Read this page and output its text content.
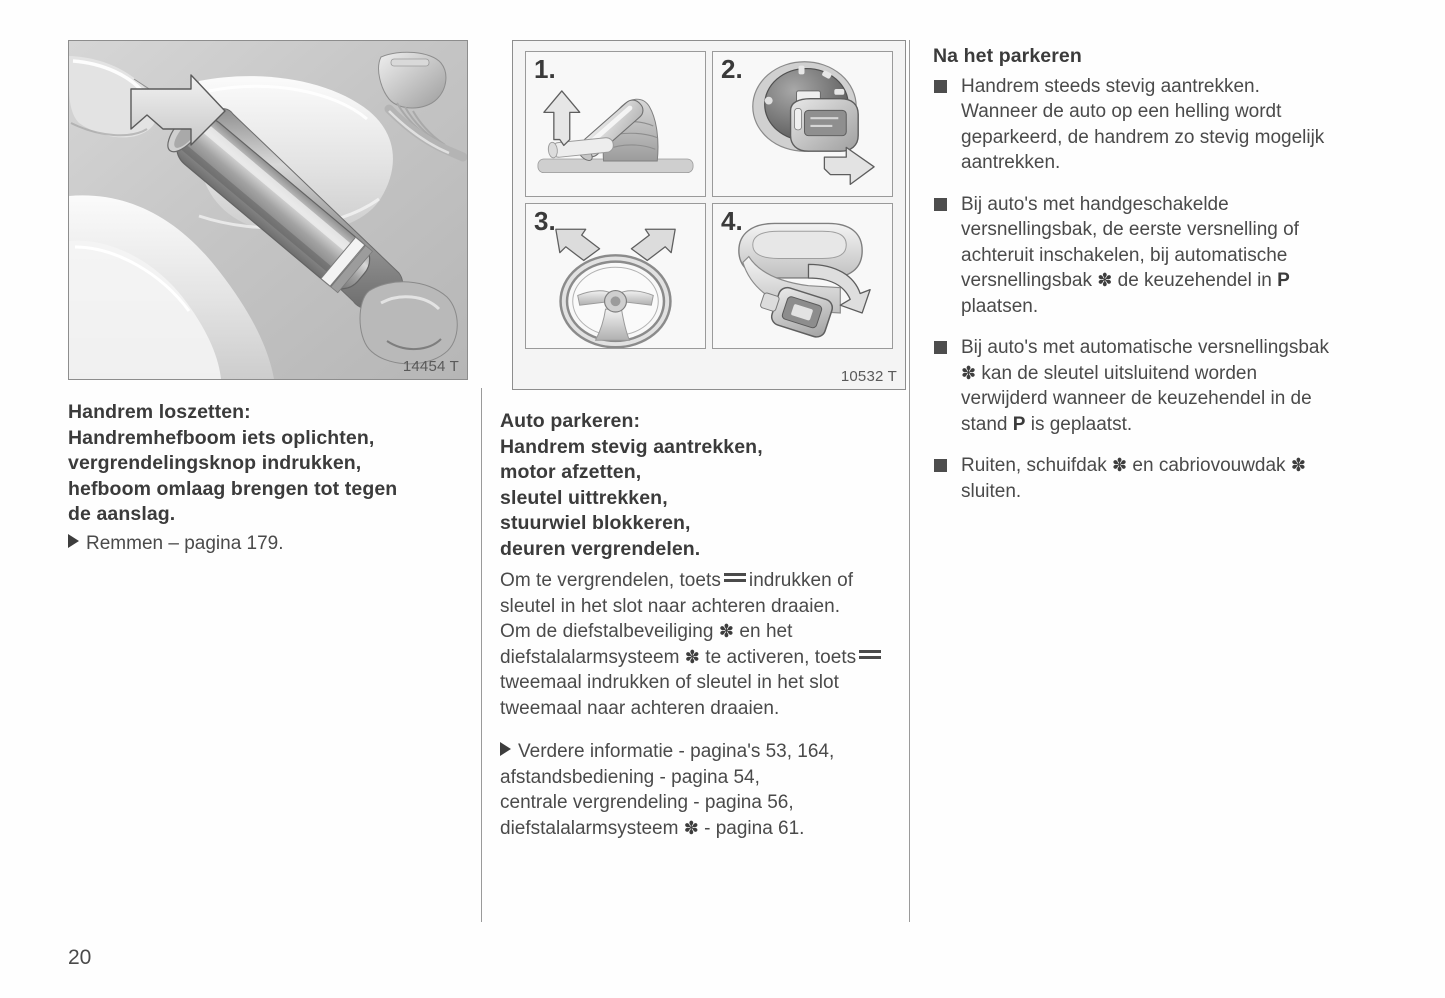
14454 T
1.	2.
3.	4.
10532 T
Handrem loszetten:
Handremhefboom iets oplichten,
vergrendelingsknop indrukken,
hefboom omlaag brengen tot tegen
de aanslag.
Remmen – pagina 179.
Auto parkeren:
Handrem stevig aantrekken,
motor afzetten,
sleutel uittrekken,
stuurwiel blokkeren,
deuren vergrendelen.

Om te vergrendelen, toets indrukken of sleutel in het slot naar achteren draaien.

Om de diefstalbeveiliging ✽ en het diefstalalarmsysteem ✽ te activeren, toetstweemaal indrukken of sleutel in het slot tweemaal naar achteren draaien.

Verdere informatie - pagina's 53, 164,
afstandsbediening - pagina 54,
centrale vergrendeling - pagina 56,
diefstalalarmsysteem ✽ - pagina 61.
Na het parkeren
Handrem steeds stevig aantrekken. Wanneer de auto op een helling wordt geparkeerd, de handrem zo stevig mogelijk aantrekken.
Bij auto's met handgeschakelde versnellingsbak, de eerste versnelling of achteruit inschakelen, bij automatische versnellingsbak ✽ de keuzehendel in P plaatsen.
Bij auto's met automatische versnellingsbak ✽ kan de sleutel uitsluitend worden verwijderd wanneer de keuzehendel in de stand P is geplaatst.
Ruiten, schuifdak ✽ en cabriovouwdak ✽ sluiten.
20
